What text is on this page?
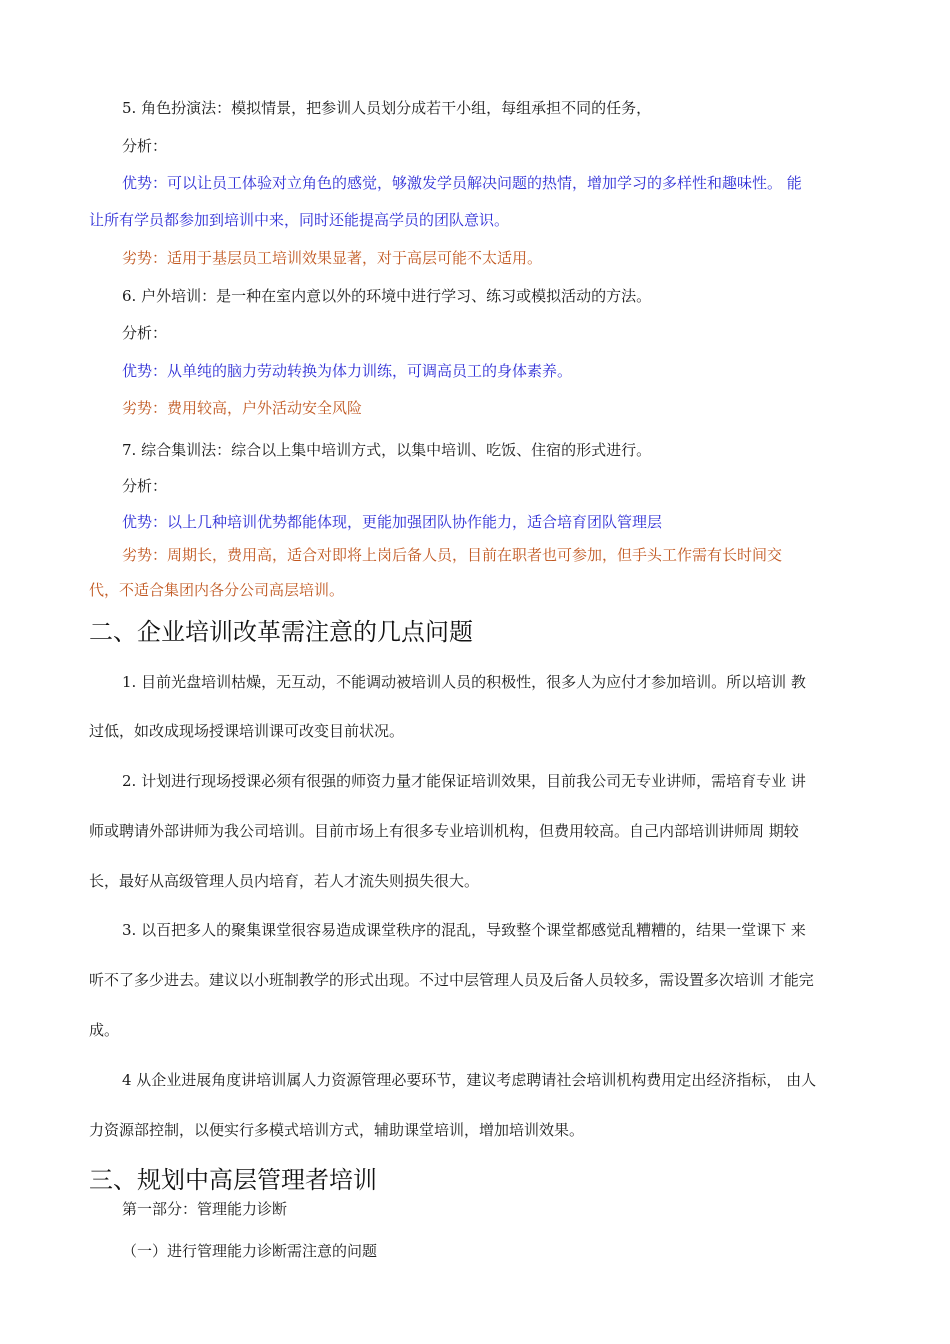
5. 角色扮演法：模拟情景，把参训人员划分成若干小组，每组承担不同的任务，
分析：
优势：可以让员工体验对立角色的感觉，够激发学员解决问题的热情，增加学习的多样性和趣味性。 能
让所有学员都参加到培训中来，同时还能提高学员的团队意识。
劣势：适用于基层员工培训效果显著，对于高层可能不太适用。
6. 户外培训：是一种在室内意以外的环境中进行学习、练习或模拟活动的方法。
分析：
优势：从单纯的脑力劳动转换为体力训练，可调高员工的身体素养。
劣势：费用较高，户外活动安全风险
7. 综合集训法：综合以上集中培训方式，以集中培训、吃饭、住宿的形式进行。
分析：
优势：以上几种培训优势都能体现，更能加强团队协作能力，适合培育团队管理层
劣势：周期长，费用高，适合对即将上岗后备人员，目前在职者也可参加，但手头工作需有长时间交
代，不适合集团内各分公司高层培训。
二、企业培训改革需注意的几点问题
1. 目前光盘培训枯燥，无互动，不能调动被培训人员的积极性，很多人为应付才参加培训。所以培训 教
过低，如改成现场授课培训课可改变目前状况。
2. 计划进行现场授课必须有很强的师资力量才能保证培训效果，目前我公司无专业讲师，需培育专业 讲
师或聘请外部讲师为我公司培训。目前市场上有很多专业培训机构，但费用较高。自己内部培训讲师周 期较
长，最好从高级管理人员内培育，若人才流失则损失很大。
3. 以百把多人的聚集课堂很容易造成课堂秩序的混乱，导致整个课堂都感觉乱糟糟的，结果一堂课下 来
听不了多少进去。建议以小班制教学的形式出现。不过中层管理人员及后备人员较多，需设置多次培训 才能完
成。
4 从企业进展角度讲培训属人力资源管理必要环节，建议考虑聘请社会培训机构费用定出经济指标， 由人
力资源部控制，以便实行多模式培训方式，辅助课堂培训，增加培训效果。
三、规划中高层管理者培训
第一部分：管理能力诊断
（一）进行管理能力诊断需注意的问题
